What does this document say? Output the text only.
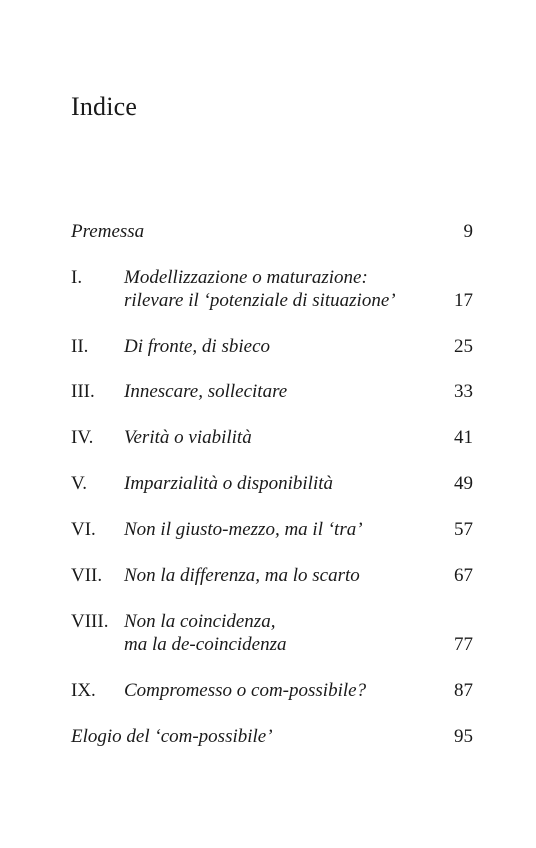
Indice
Premessa	9
I. Modellizzazione o maturazione:
rilevare il ‘potenziale di situazione’	17
II. Di fronte, di sbieco	25
III. Innescare, sollecitare	33
IV. Verità o viabilità	41
V. Imparzialità o disponibilità	49
VI. Non il giusto-mezzo, ma il ‘tra’	57
VII. Non la differenza, ma lo scarto	67
VIII. Non la coincidenza,
ma la de-coincidenza	77
IX. Compromesso o com-possibile?	87
Elogio del ‘com-possibile’	95
